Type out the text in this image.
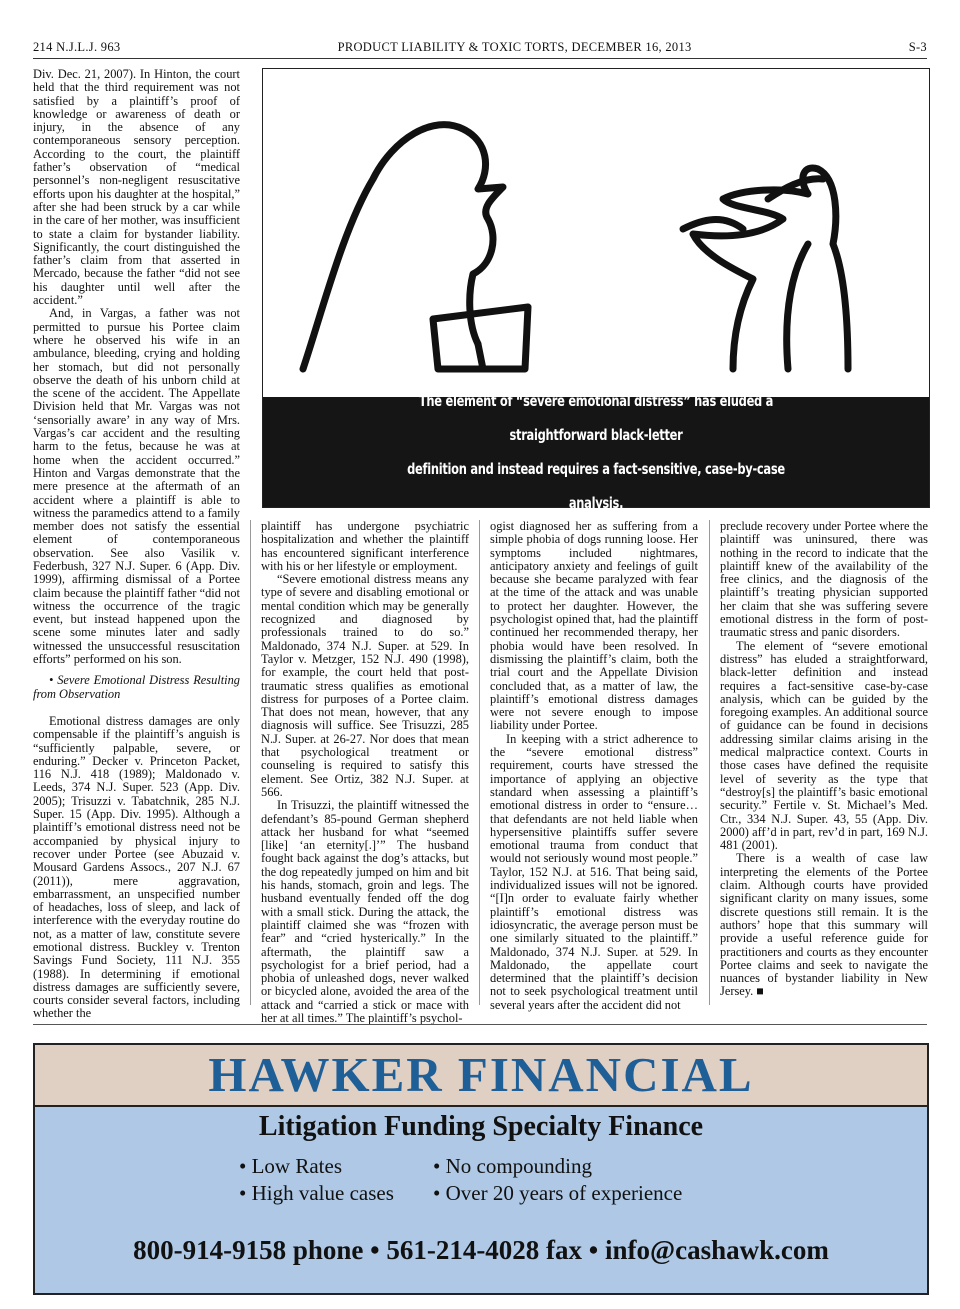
214 N.J.L.J. 963	PRODUCT LIABILITY & TOXIC TORTS, DECEMBER 16, 2013	S-3

Div. Dec. 21, 2007). In Hinton, the court held that the third requirement was not satisfied by a plaintiff’s proof of knowledge or awareness of death or injury, in the absence of any contemporaneous sensory perception. According to the court, the plaintiff father’s observation of “medical personnel’s non-negligent resuscitative efforts upon his daughter at the hospital,” after she had been struck by a car while in the care of her mother, was insufficient to state a claim for bystander liability. Significantly, the court distinguished the father’s claim from that asserted in Mercado, because the father “did not see his daughter until well after the accident.”

And, in Vargas, a father was not permitted to pursue his Portee claim where he observed his wife in an ambulance, bleeding, crying and holding her stomach, but did not personally observe the death of his unborn child at the scene of the accident. The Appellate Division held that Mr. Vargas was not ‘sensorially aware’ in any way of Mrs. Vargas’s car accident and the resulting harm to the fetus, because he was at home when the accident occurred.” Hinton and Vargas demonstrate that the mere presence at the aftermath of an accident where a plaintiff is able to witness the paramedics attend to a family member does not satisfy the essential element of contemporaneous observation. See also Vasilik v. Federbush, 327 N.J. Super. 6 (App. Div. 1999), affirming dismissal of a Portee claim because the plaintiff father “did not witness the occurrence of the tragic event, but instead happened upon the scene some minutes later and sadly witnessed the unsuccessful resuscitation efforts” performed on his son.

• Severe Emotional Distress Resulting from Observation

Emotional distress damages are only compensable if the plaintiff’s anguish is “sufficiently palpable, severe, or enduring.” Decker v. Princeton Packet, 116 N.J. 418 (1989); Maldonado v. Leeds, 374 N.J. Super. 523 (App. Div. 2005); Trisuzzi v. Tabatchnik, 285 N.J. Super. 15 (App. Div. 1995). Although a plaintiff’s emotional distress need not be accompanied by physical injury to recover under Portee (see Abuzaid v. Mousard Gardens Assocs., 207 N.J. 67 (2011)), mere aggravation, embarrassment, an unspecified number of headaches, loss of sleep, and lack of interference with the everyday routine do not, as a matter of law, constitute severe emotional distress. Buckley v. Trenton Savings Fund Society, 111 N.J. 355 (1988). In determining if emotional distress damages are sufficiently severe, courts consider several factors, including whether the

The element of “severe emotional distress” has eluded a straightforward black-letter
definition and instead requires a fact-sensitive, case-by-case analysis.

plaintiff has undergone psychiatric hospitalization and whether the plaintiff has encountered significant interference with his or her lifestyle or employment.

“Severe emotional distress means any type of severe and disabling emotional or mental condition which may be generally recognized and diagnosed by professionals trained to do so.” Maldonado, 374 N.J. Super. at 529. In Taylor v. Metzger, 152 N.J. 490 (1998), for example, the court held that post-traumatic stress qualifies as emotional distress for purposes of a Portee claim. That does not mean, however, that any diagnosis will suffice. See Trisuzzi, 285 N.J. Super. at 26-27. Nor does that mean that psychological treatment or counseling is required to satisfy this element. See Ortiz, 382 N.J. Super. at 566.

In Trisuzzi, the plaintiff witnessed the defendant’s 85-pound German shepherd attack her husband for what “seemed [like] ‘an eternity[.]’” The husband fought back against the dog’s attacks, but the dog repeatedly jumped on him and bit his hands, stomach, groin and legs. The husband eventually fended off the dog with a small stick. During the attack, the plaintiff claimed she was “frozen with fear” and “cried hysterically.” In the aftermath, the plaintiff saw a psychologist for a brief period, had a phobia of unleashed dogs, never walked or bicycled alone, avoided the area of the attack and “carried a stick or mace with her at all times.” The plaintiff’s psychol-

ogist diagnosed her as suffering from a simple phobia of dogs running loose. Her symptoms included nightmares, anticipatory anxiety and feelings of guilt because she became paralyzed with fear at the time of the attack and was unable to protect her daughter. However, the psychologist opined that, had the plaintiff continued her recommended therapy, her phobia would have been resolved. In dismissing the plaintiff’s claim, both the trial court and the Appellate Division concluded that, as a matter of law, the plaintiff’s emotional distress damages were not severe enough to impose liability under Portee.

In keeping with a strict adherence to the “severe emotional distress” requirement, courts have stressed the importance of applying an objective standard when assessing a plaintiff’s emotional distress in order to “ensure…that defendants are not held liable when hypersensitive plaintiffs suffer severe emotional trauma from conduct that would not seriously wound most people.” Taylor, 152 N.J. at 516. That being said, individualized issues will not be ignored. “[I]n order to evaluate fairly whether plaintiff’s emotional distress was idiosyncratic, the average person must be one similarly situated to the plaintiff.” Maldonado, 374 N.J. Super. at 529. In Maldonado, the appellate court determined that the plaintiff’s decision not to seek psychological treatment until several years after the accident did not

preclude recovery under Portee where the plaintiff was uninsured, there was nothing in the record to indicate that the plaintiff knew of the availability of the free clinics, and the diagnosis of the plaintiff’s treating physician supported her claim that she was suffering severe emotional distress in the form of post-traumatic stress and panic disorders.

The element of “severe emotional distress” has eluded a straightforward, black-letter definition and instead requires a fact-sensitive case-by-case analysis, which can be guided by the foregoing examples. An additional source of guidance can be found in decisions addressing similar claims arising in the medical malpractice context. Courts in those cases have defined the requisite level of severity as the type that “destroy[s] the plaintiff’s basic emotional security.” Fertile v. St. Michael’s Med. Ctr., 334 N.J. Super. 43, 55 (App. Div. 2000) aff’d in part, rev’d in part, 169 N.J. 481 (2001).

There is a wealth of case law interpreting the elements of the Portee claim. Although courts have provided significant clarity on many issues, some discrete questions still remain. It is the authors’ hope that this summary will provide a useful reference guide for practitioners and courts as they encounter Portee claims and seek to navigate the nuances of bystander liability in New Jersey. ■

HAWKER FINANCIAL
Litigation Funding Specialty Finance
• Low Rates
• High value cases
• No compounding
• Over 20 years of experience
800-914-9158 phone • 561-214-4028 fax • info@cashawk.com
